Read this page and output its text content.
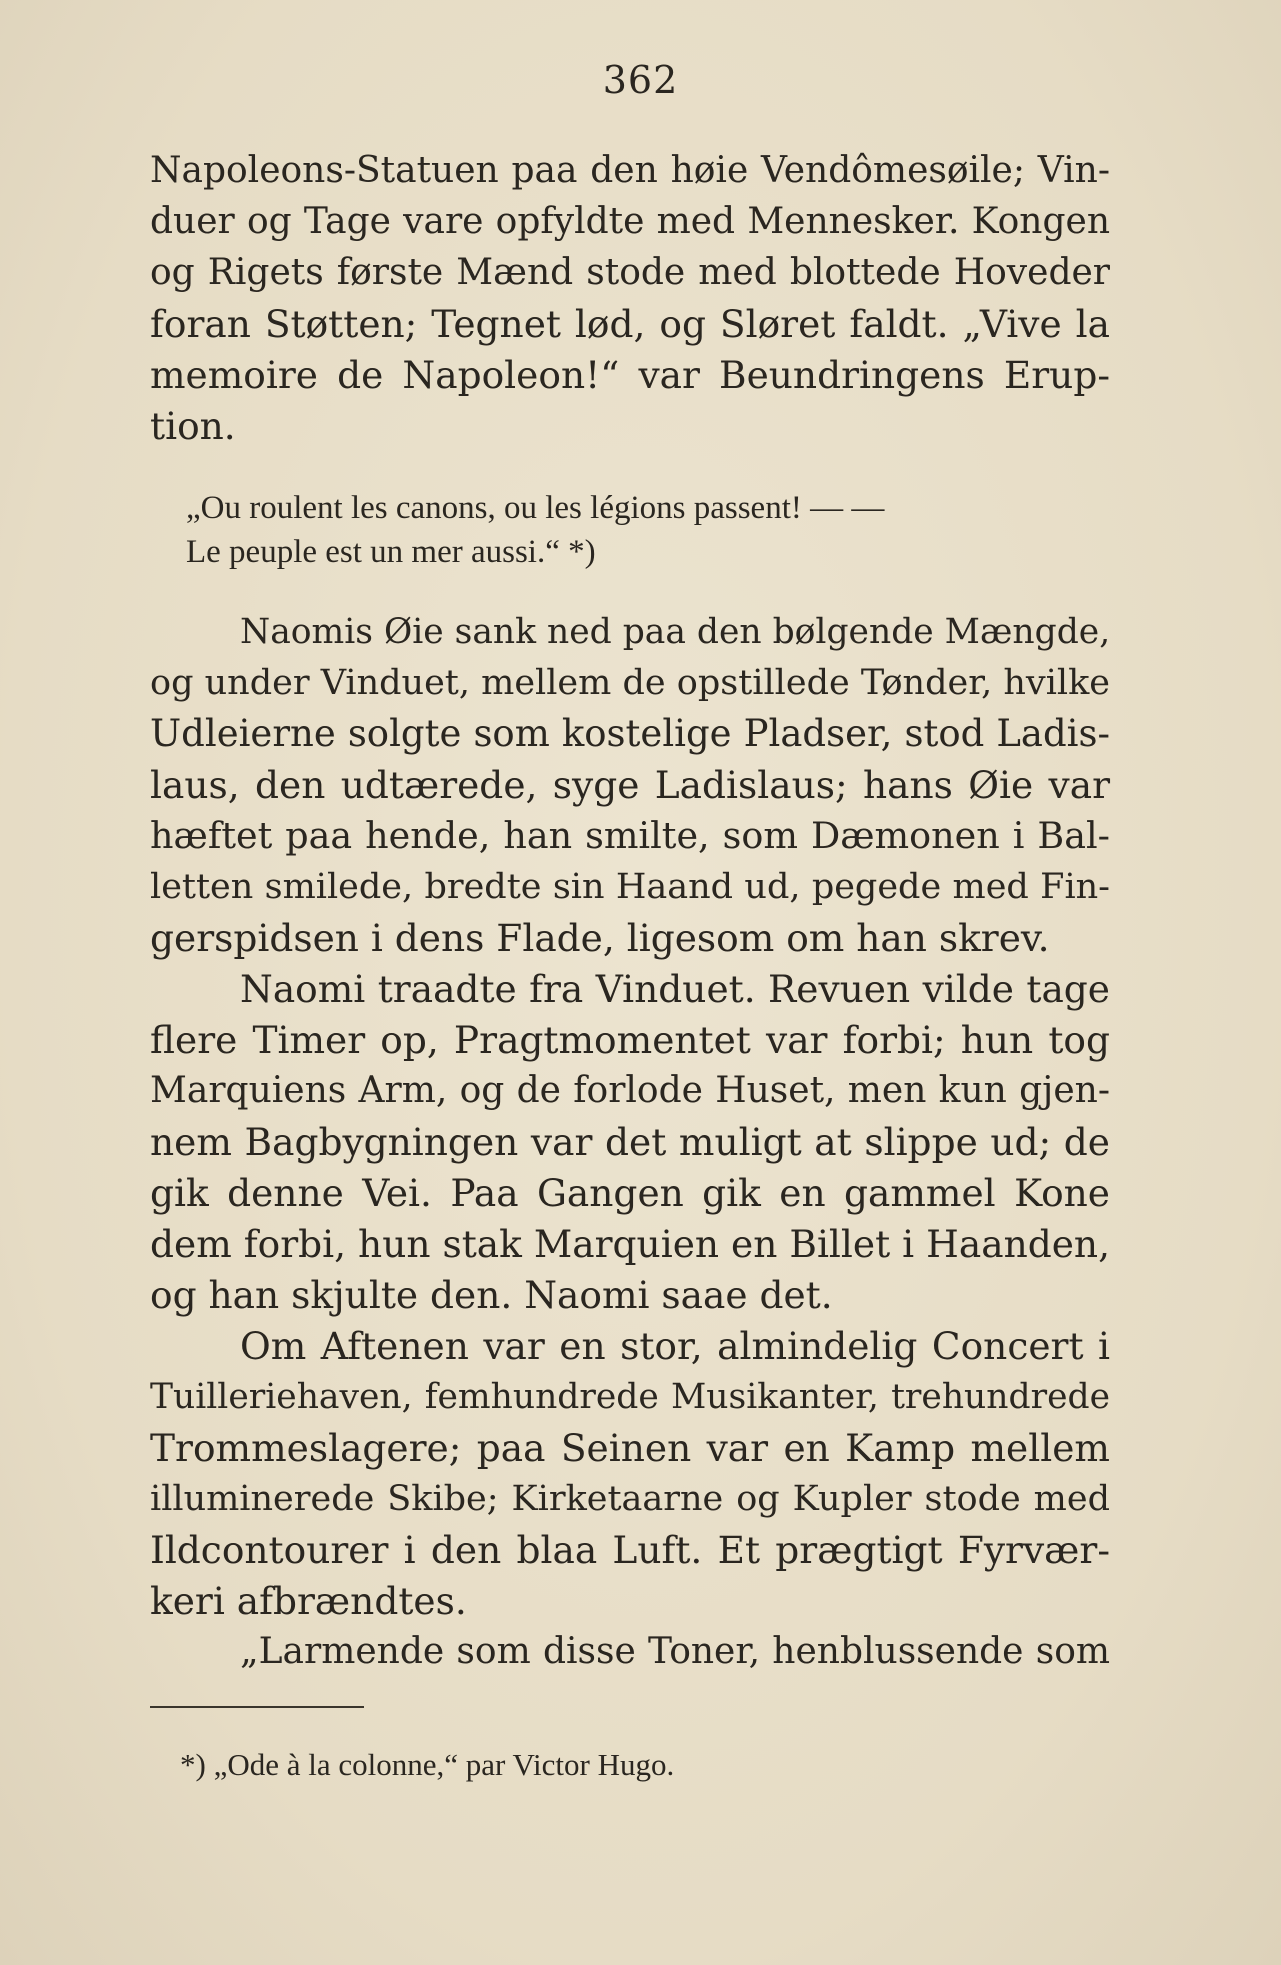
362
Napoleons-Statuen paa den høie Vendômesøile; Vin-
duer og Tage vare opfyldte med Mennesker. Kongen
og Rigets første Mænd stode med blottede Hoveder
foran Støtten; Tegnet lød, og Sløret faldt. „Vive la
memoire de Napoleon!“ var Beundringens Erup-
tion.
„Ou roulent les canons, ou les légions passent! — —
Le peuple est un mer aussi.“ *)
Naomis Øie sank ned paa den bølgende Mængde,
og under Vinduet, mellem de opstillede Tønder, hvilke
Udleierne solgte som kostelige Pladser, stod Ladis-
laus, den udtærede, syge Ladislaus; hans Øie var
hæftet paa hende, han smilte, som Dæmonen i Bal-
letten smilede, bredte sin Haand ud, pegede med Fin-
gerspidsen i dens Flade, ligesom om han skrev.
Naomi traadte fra Vinduet. Revuen vilde tage
flere Timer op, Pragtmomentet var forbi; hun tog
Marquiens Arm, og de forlode Huset, men kun gjen-
nem Bagbygningen var det muligt at slippe ud; de
gik denne Vei. Paa Gangen gik en gammel Kone
dem forbi, hun stak Marquien en Billet i Haanden,
og han skjulte den. Naomi saae det.
Om Aftenen var en stor, almindelig Concert i
Tuilleriehaven, femhundrede Musikanter, trehundrede
Trommeslagere; paa Seinen var en Kamp mellem
illuminerede Skibe; Kirketaarne og Kupler stode med
Ildcontourer i den blaa Luft. Et prægtigt Fyrvær-
keri afbrændtes.
„Larmende som disse Toner, henblussende som
*) „Ode à la colonne,“ par Victor Hugo.
